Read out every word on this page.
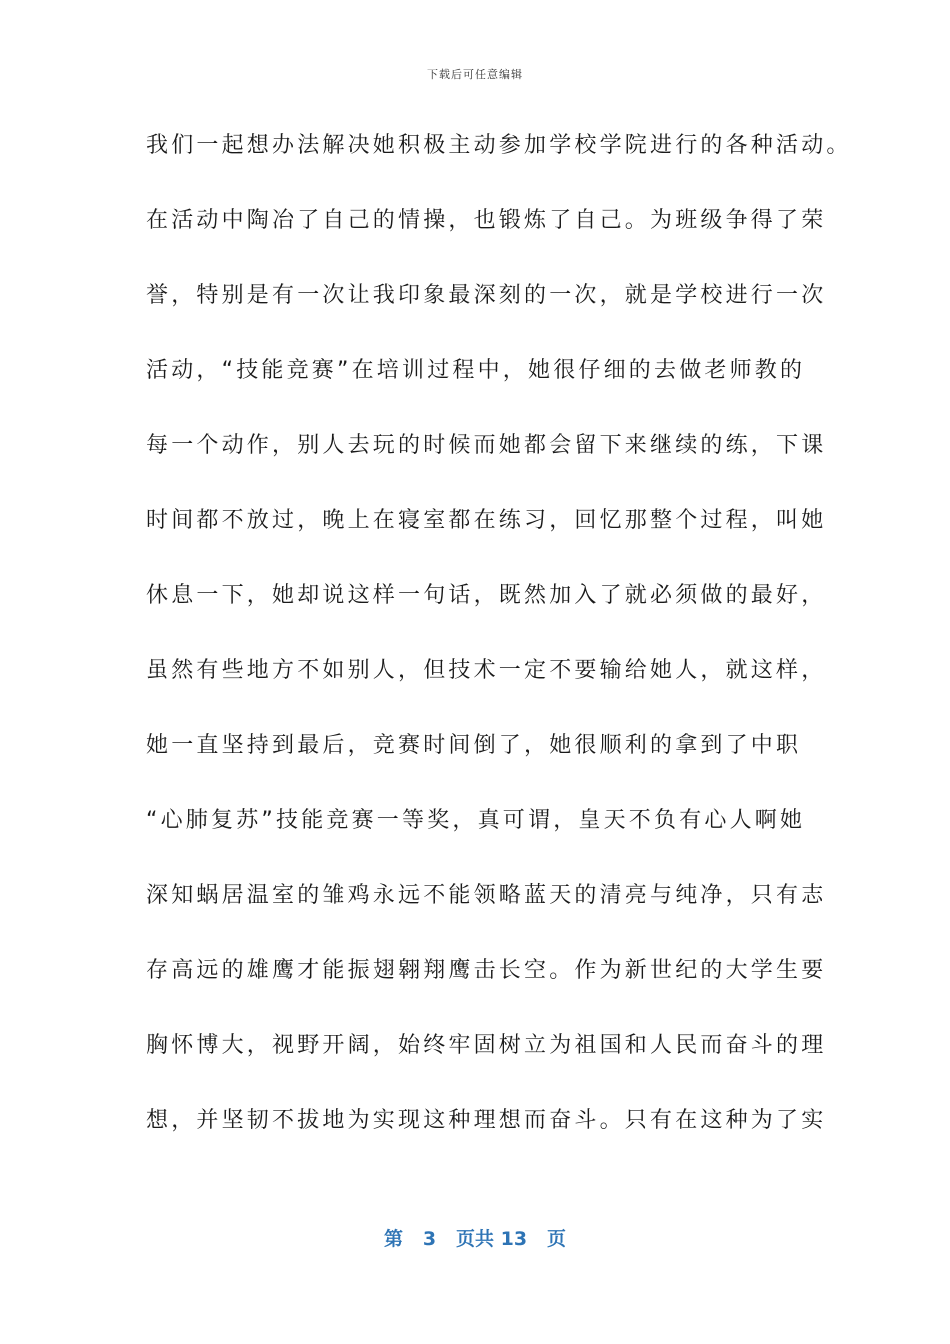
下载后可任意编辑
我们一起想办法解决她积极主动参加学校学院进行的各种活动。
在活动中陶冶了自己的情操，也锻炼了自己。为班级争得了荣
誉，特别是有一次让我印象最深刻的一次，就是学校进行一次
活动，“技能竞赛”在培训过程中，她很仔细的去做老师教的
每一个动作，别人去玩的时候而她都会留下来继续的练，下课
时间都不放过，晚上在寝室都在练习，回忆那整个过程，叫她
休息一下，她却说这样一句话，既然加入了就必须做的最好，
虽然有些地方不如别人，但技术一定不要输给她人，就这样，
她一直坚持到最后，竞赛时间倒了，她很顺利的拿到了中职
“心肺复苏”技能竞赛一等奖，真可谓，皇天不负有心人啊她
深知蜗居温室的雏鸡永远不能领略蓝天的清亮与纯净，只有志
存高远的雄鹰才能振翅翱翔鹰击长空。作为新世纪的大学生要
胸怀博大，视野开阔，始终牢固树立为祖国和人民而奋斗的理
想，并坚韧不拔地为实现这种理想而奋斗。只有在这种为了实
第 3 页共 13 页
